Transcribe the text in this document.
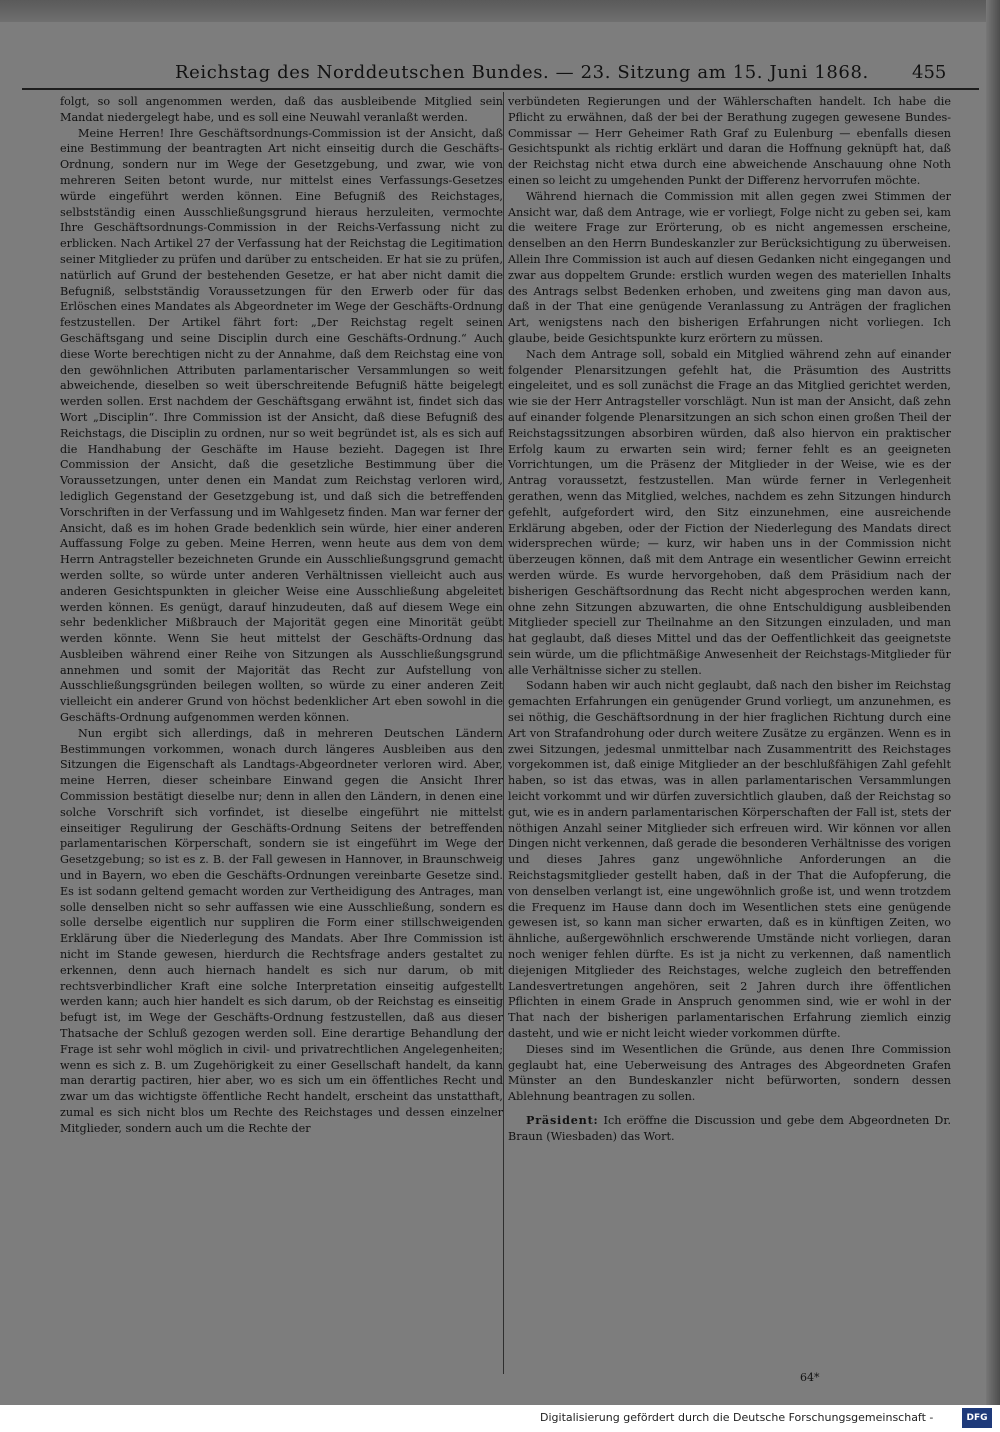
Reichstag des Norddeutschen Bundes. — 23. Sitzung am 15. Juni 1868. 455

folgt, so soll angenommen werden, daß das ausbleibende Mitglied sein Mandat niedergelegt habe, und es soll eine Neuwahl veranlaßt werden.

Meine Herren! Ihre Geschäftsordnungs-Commission ist der Ansicht, daß eine Bestimmung der beantragten Art nicht einseitig durch die Geschäfts-Ordnung, sondern nur im Wege der Gesetzgebung, und zwar, wie von mehreren Seiten betont wurde, nur mittelst eines Verfassungs-Gesetzes würde eingeführt werden können. Eine Befugniß des Reichstages, selbstständig einen Ausschließungsgrund hieraus herzuleiten, vermochte Ihre Geschäftsordnungs-Commission in der Reichs-Verfassung nicht zu erblicken. Nach Artikel 27 der Verfassung hat der Reichstag die Legitimation seiner Mitglieder zu prüfen und darüber zu entscheiden. Er hat sie zu prüfen, natürlich auf Grund der bestehenden Gesetze, er hat aber nicht damit die Befugniß, selbstständig Voraussetzungen für den Erwerb oder für das Erlöschen eines Mandates als Abgeordneter im Wege der Geschäfts-Ordnung festzustellen. Der Artikel fährt fort: „Der Reichstag regelt seinen Geschäftsgang und seine Disciplin durch eine Geschäfts-Ordnung.“ Auch diese Worte berechtigen nicht zu der Annahme, daß dem Reichstag eine von den gewöhnlichen Attributen parlamentarischer Versammlungen so weit abweichende, dieselben so weit überschreitende Befugniß hätte beigelegt werden sollen. Erst nachdem der Geschäftsgang erwähnt ist, findet sich das Wort „Disciplin“. Ihre Commission ist der Ansicht, daß diese Befugniß des Reichstags, die Disciplin zu ordnen, nur so weit begründet ist, als es sich auf die Handhabung der Geschäfte im Hause bezieht. Dagegen ist Ihre Commission der Ansicht, daß die gesetzliche Bestimmung über die Voraussetzungen, unter denen ein Mandat zum Reichstag verloren wird, lediglich Gegenstand der Gesetzgebung ist, und daß sich die betreffenden Vorschriften in der Verfassung und im Wahlgesetz finden. Man war ferner der Ansicht, daß es im hohen Grade bedenklich sein würde, hier einer anderen Auffassung Folge zu geben. Meine Herren, wenn heute aus dem von dem Herrn Antragsteller bezeichneten Grunde ein Ausschließungsgrund gemacht werden sollte, so würde unter anderen Verhältnissen vielleicht auch aus anderen Gesichtspunkten in gleicher Weise eine Ausschließung abgeleitet werden können. Es genügt, darauf hinzudeuten, daß auf diesem Wege ein sehr bedenklicher Mißbrauch der Majorität gegen eine Minorität geübt werden könnte. Wenn Sie heut mittelst der Geschäfts-Ordnung das Ausbleiben während einer Reihe von Sitzungen als Ausschließungsgrund annehmen und somit der Majorität das Recht zur Aufstellung von Ausschließungsgründen beilegen wollten, so würde zu einer anderen Zeit vielleicht ein anderer Grund von höchst bedenklicher Art eben sowohl in die Geschäfts-Ordnung aufgenommen werden können.

Nun ergibt sich allerdings, daß in mehreren Deutschen Ländern Bestimmungen vorkommen, wonach durch längeres Ausbleiben aus den Sitzungen die Eigenschaft als Landtags-Abgeordneter verloren wird. Aber, meine Herren, dieser scheinbare Einwand gegen die Ansicht Ihrer Commission bestätigt dieselbe nur; denn in allen den Ländern, in denen eine solche Vorschrift sich vorfindet, ist dieselbe eingeführt nie mittelst einseitiger Regulirung der Geschäfts-Ordnung Seitens der betreffenden parlamentarischen Körperschaft, sondern sie ist eingeführt im Wege der Gesetzgebung; so ist es z. B. der Fall gewesen in Hannover, in Braunschweig und in Bayern, wo eben die Geschäfts-Ordnungen vereinbarte Gesetze sind. Es ist sodann geltend gemacht worden zur Vertheidigung des Antrages, man solle denselben nicht so sehr auffassen wie eine Ausschließung, sondern es solle derselbe eigentlich nur suppliren die Form einer stillschweigenden Erklärung über die Niederlegung des Mandats. Aber Ihre Commission ist nicht im Stande gewesen, hierdurch die Rechtsfrage anders gestaltet zu erkennen, denn auch hiernach handelt es sich nur darum, ob mit rechtsverbindlicher Kraft eine solche Interpretation einseitig aufgestellt werden kann; auch hier handelt es sich darum, ob der Reichstag es einseitig befugt ist, im Wege der Geschäfts-Ordnung festzustellen, daß aus dieser Thatsache der Schluß gezogen werden soll. Eine derartige Behandlung der Frage ist sehr wohl möglich in civil- und privatrechtlichen Angelegenheiten; wenn es sich z. B. um Zugehörigkeit zu einer Gesellschaft handelt, da kann man derartig pactiren, hier aber, wo es sich um ein öffentliches Recht und zwar um das wichtigste öffentliche Recht handelt, erscheint das unstatthaft, zumal es sich nicht blos um Rechte des Reichstages und dessen einzelner Mitglieder, sondern auch um die Rechte der

verbündeten Regierungen und der Wählerschaften handelt. Ich habe die Pflicht zu erwähnen, daß der bei der Berathung zugegen gewesene Bundes-Commissar — Herr Geheimer Rath Graf zu Eulenburg — ebenfalls diesen Gesichtspunkt als richtig erklärt und daran die Hoffnung geknüpft hat, daß der Reichstag nicht etwa durch eine abweichende Anschauung ohne Noth einen so leicht zu umgehenden Punkt der Differenz hervorrufen möchte.

Während hiernach die Commission mit allen gegen zwei Stimmen der Ansicht war, daß dem Antrage, wie er vorliegt, Folge nicht zu geben sei, kam die weitere Frage zur Erörterung, ob es nicht angemessen erscheine, denselben an den Herrn Bundeskanzler zur Berücksichtigung zu überweisen. Allein Ihre Commission ist auch auf diesen Gedanken nicht eingegangen und zwar aus doppeltem Grunde: erstlich wurden wegen des materiellen Inhalts des Antrags selbst Bedenken erhoben, und zweitens ging man davon aus, daß in der That eine genügende Veranlassung zu Anträgen der fraglichen Art, wenigstens nach den bisherigen Erfahrungen nicht vorliegen. Ich glaube, beide Gesichtspunkte kurz erörtern zu müssen.

Nach dem Antrage soll, sobald ein Mitglied während zehn auf einander folgender Plenarsitzungen gefehlt hat, die Präsumtion des Austritts eingeleitet, und es soll zunächst die Frage an das Mitglied gerichtet werden, wie sie der Herr Antragsteller vorschlägt. Nun ist man der Ansicht, daß zehn auf einander folgende Plenarsitzungen an sich schon einen großen Theil der Reichstagssitzungen absorbiren würden, daß also hiervon ein praktischer Erfolg kaum zu erwarten sein wird; ferner fehlt es an geeigneten Vorrichtungen, um die Präsenz der Mitglieder in der Weise, wie es der Antrag voraussetzt, festzustellen. Man würde ferner in Verlegenheit gerathen, wenn das Mitglied, welches, nachdem es zehn Sitzungen hindurch gefehlt, aufgefordert wird, den Sitz einzunehmen, eine ausreichende Erklärung abgeben, oder der Fiction der Niederlegung des Mandats direct widersprechen würde; — kurz, wir haben uns in der Commission nicht überzeugen können, daß mit dem Antrage ein wesentlicher Gewinn erreicht werden würde. Es wurde hervorgehoben, daß dem Präsidium nach der bisherigen Geschäftsordnung das Recht nicht abgesprochen werden kann, ohne zehn Sitzungen abzuwarten, die ohne Entschuldigung ausbleibenden Mitglieder speciell zur Theilnahme an den Sitzungen einzuladen, und man hat geglaubt, daß dieses Mittel und das der Oeffentlichkeit das geeignetste sein würde, um die pflichtmäßige Anwesenheit der Reichstags-Mitglieder für alle Verhältnisse sicher zu stellen.

Sodann haben wir auch nicht geglaubt, daß nach den bisher im Reichstag gemachten Erfahrungen ein genügender Grund vorliegt, um anzunehmen, es sei nöthig, die Geschäftsordnung in der hier fraglichen Richtung durch eine Art von Strafandrohung oder durch weitere Zusätze zu ergänzen. Wenn es in zwei Sitzungen, jedesmal unmittelbar nach Zusammentritt des Reichstages vorgekommen ist, daß einige Mitglieder an der beschlußfähigen Zahl gefehlt haben, so ist das etwas, was in allen parlamentarischen Versammlungen leicht vorkommt und wir dürfen zuversichtlich glauben, daß der Reichstag so gut, wie es in andern parlamentarischen Körperschaften der Fall ist, stets der nöthigen Anzahl seiner Mitglieder sich erfreuen wird. Wir können vor allen Dingen nicht verkennen, daß gerade die besonderen Verhältnisse des vorigen und dieses Jahres ganz ungewöhnliche Anforderungen an die Reichstagsmitglieder gestellt haben, daß in der That die Aufopferung, die von denselben verlangt ist, eine ungewöhnlich große ist, und wenn trotzdem die Frequenz im Hause dann doch im Wesentlichen stets eine genügende gewesen ist, so kann man sicher erwarten, daß es in künftigen Zeiten, wo ähnliche, außergewöhnlich erschwerende Umstände nicht vorliegen, daran noch weniger fehlen dürfte. Es ist ja nicht zu verkennen, daß namentlich diejenigen Mitglieder des Reichstages, welche zugleich den betreffenden Landesvertretungen angehören, seit 2 Jahren durch ihre öffentlichen Pflichten in einem Grade in Anspruch genommen sind, wie er wohl in der That nach der bisherigen parlamentarischen Erfahrung ziemlich einzig dasteht, und wie er nicht leicht wieder vorkommen dürfte.

Dieses sind im Wesentlichen die Gründe, aus denen Ihre Commission geglaubt hat, eine Ueberweisung des Antrages des Abgeordneten Grafen Münster an den Bundeskanzler nicht befürworten, sondern dessen Ablehnung beantragen zu sollen.

Präsident: Ich eröffne die Discussion und gebe dem Abgeordneten Dr. Braun (Wiesbaden) das Wort.

64*
Digitalisierung gefördert durch die Deutsche Forschungsgemeinschaft -	DFG
